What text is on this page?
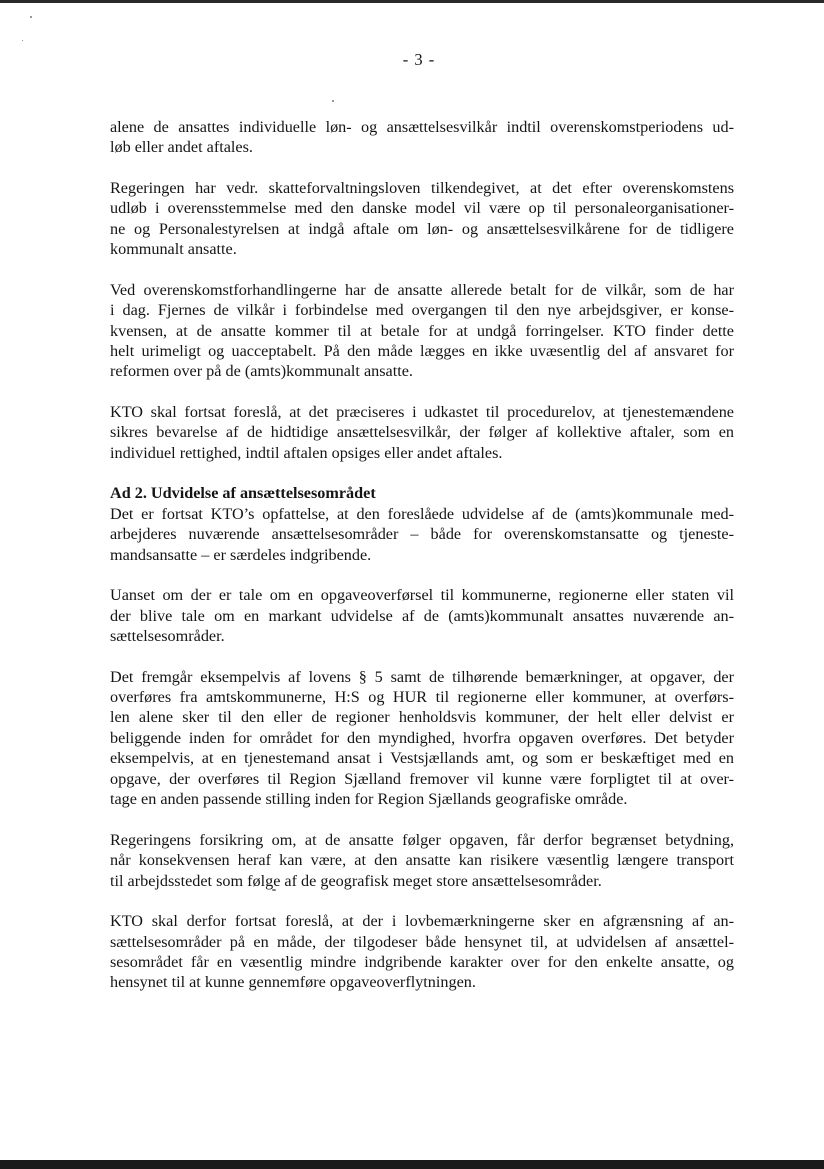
- 3 -
alene de ansattes individuelle løn- og ansættelsesvilkår indtil overenskomstperiodens ud-
løb eller andet aftales.
Regeringen har vedr. skatteforvaltningsloven tilkendegivet, at det efter overenskomstens
udløb i overensstemmelse med den danske model vil være op til personaleorganisationer-
ne og Personalestyrelsen at indgå aftale om løn- og ansættelsesvilkårene for de tidligere
kommunalt ansatte.
Ved overenskomstforhandlingerne har de ansatte allerede betalt for de vilkår, som de har
i dag. Fjernes de vilkår i forbindelse med overgangen til den nye arbejdsgiver, er konse-
kvensen, at de ansatte kommer til at betale for at undgå forringelser. KTO finder dette
helt urimeligt og uacceptabelt. På den måde lægges en ikke uvæsentlig del af ansvaret for
reformen over på de (amts)kommunalt ansatte.
KTO skal fortsat foreslå, at det præciseres i udkastet til procedurelov, at tjenestemændene
sikres bevarelse af de hidtidige ansættelsesvilkår, der følger af kollektive aftaler, som en
individuel rettighed, indtil aftalen opsiges eller andet aftales.
Ad 2. Udvidelse af ansættelsesområdet
Det er fortsat KTO’s opfattelse, at den foreslåede udvidelse af de (amts)kommunale med-
arbejderes nuværende ansættelsesområder – både for overenskomstansatte og tjeneste-
mandsansatte – er særdeles indgribende.
Uanset om der er tale om en opgaveoverførsel til kommunerne, regionerne eller staten vil
der blive tale om en markant udvidelse af de (amts)kommunalt ansattes nuværende an-
sættelsesområder.
Det fremgår eksempelvis af lovens § 5 samt de tilhørende bemærkninger, at opgaver, der
overføres fra amtskommunerne, H:S og HUR til regionerne eller kommuner, at overførs-
len alene sker til den eller de regioner henholdsvis kommuner, der helt eller delvist er
beliggende inden for området for den myndighed, hvorfra opgaven overføres. Det betyder
eksempelvis, at en tjenestemand ansat i Vestsjællands amt, og som er beskæftiget med en
opgave, der overføres til Region Sjælland fremover vil kunne være forpligtet til at over-
tage en anden passende stilling inden for Region Sjællands geografiske område.
Regeringens forsikring om, at de ansatte følger opgaven, får derfor begrænset betydning,
når konsekvensen heraf kan være, at den ansatte kan risikere væsentlig længere transport
til arbejdsstedet som følge af de geografisk meget store ansættelsesområder.
KTO skal derfor fortsat foreslå, at der i lovbemærkningerne sker en afgrænsning af an-
sættelsesområder på en måde, der tilgodeser både hensynet til, at udvidelsen af ansættel-
sesområdet får en væsentlig mindre indgribende karakter over for den enkelte ansatte, og
hensynet til at kunne gennemføre opgaveoverflytningen.
